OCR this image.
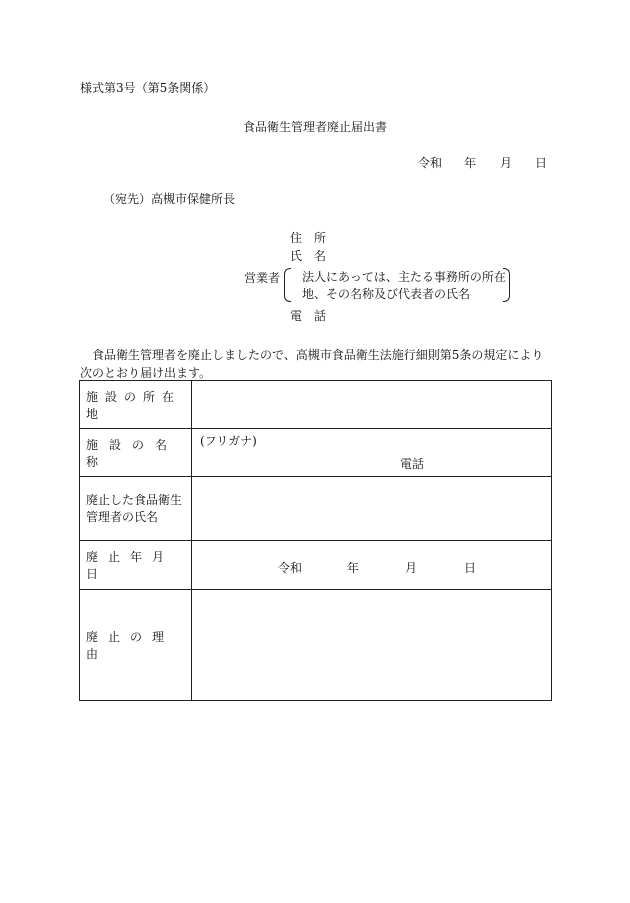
様式第3号（第5条関係）
食品衛生管理者廃止届出書
令和 年 月 日
（宛先）高槻市保健所長
住　所
氏　名
営業者 法人にあっては、主たる事務所の所在
地、その名称及び代表者の氏名
電　話
食品衛生管理者を廃止しましたので、高槻市食品衛生法施行細則第5条の規定により次のとおり届け出ます。
施設の所在地	
施設の名称	(フリガナ)
電話

廃止した食品衛生
管理者の氏名	

廃止年月日	令和 年 月 日

廃止の理由	
